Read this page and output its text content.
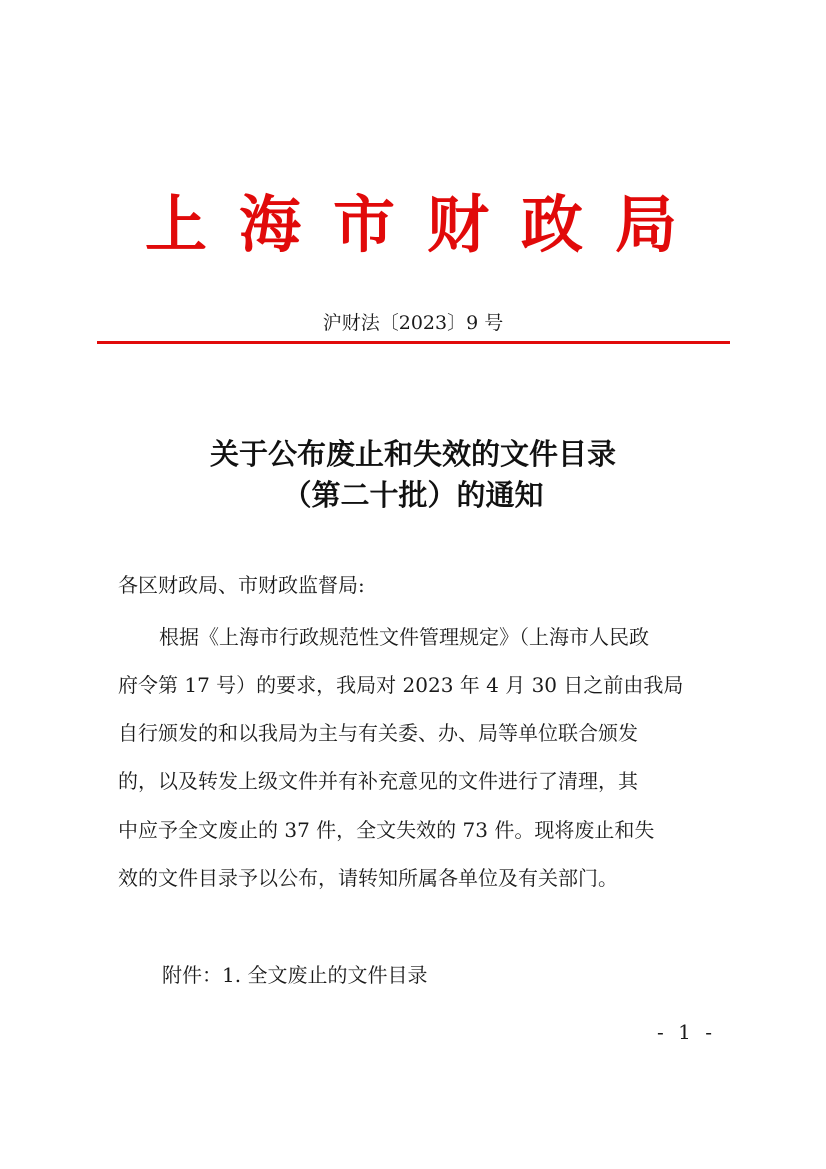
上海市财政局
沪财法〔2023〕9 号
关于公布废止和失效的文件目录
（第二十批）的通知
各区财政局、市财政监督局:
根据《上海市行政规范性文件管理规定》（上海市人民政
府令第 17 号）的要求，我局对 2023 年 4 月 30 日之前由我局
自行颁发的和以我局为主与有关委、办、局等单位联合颁发
的，以及转发上级文件并有补充意见的文件进行了清理，其
中应予全文废止的 37 件，全文失效的 73 件。现将废止和失
效的文件目录予以公布，请转知所属各单位及有关部门。
附件：1. 全文废止的文件目录
- 1 -
